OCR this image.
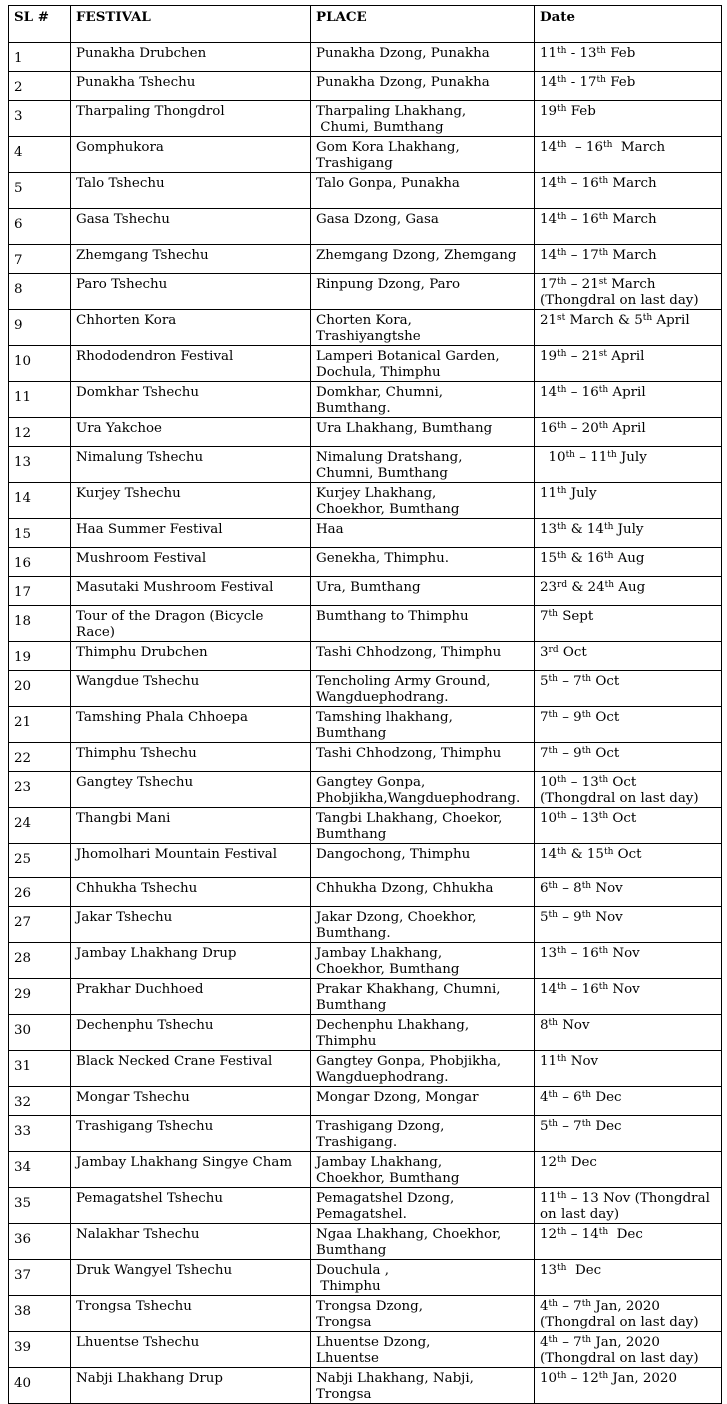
SL #	FESTIVAL	PLACE	Date
1	Punakha Drubchen	Punakha Dzong, Punakha	11th - 13th Feb
2	Punakha Tshechu	Punakha Dzong, Punakha	14th - 17th Feb
3	Tharpaling Thongdrol	Tharpaling Lhakhang,
Chumi, Bumthang	19th Feb
4	Gomphukora	Gom Kora Lhakhang,
Trashigang	14th  – 16th  March
5	Talo Tshechu	Talo Gonpa, Punakha	14th – 16th March
6	Gasa Tshechu	Gasa Dzong, Gasa	14th – 16th March
7	Zhemgang Tshechu	Zhemgang Dzong, Zhemgang	14th – 17th March
8	Paro Tshechu	Rinpung Dzong, Paro	17th – 21st March
(Thongdral on last day)
9	Chhorten Kora	Chorten Kora,
Trashiyangtshe	21st March & 5th April
10	Rhododendron Festival	Lamperi Botanical Garden,
Dochula, Thimphu	19th – 21st April
11	Domkhar Tshechu	Domkhar, Chumni,
Bumthang.	14th – 16th April
12	Ura Yakchoe	Ura Lhakhang, Bumthang	16th – 20th April
13	Nimalung Tshechu	Nimalung Dratshang,
Chumni, Bumthang	10th – 11th July
14	Kurjey Tshechu	Kurjey Lhakhang,
Choekhor, Bumthang	11th July
15	Haa Summer Festival	Haa	13th & 14th July
16	Mushroom Festival	Genekha, Thimphu.	15th & 16th Aug
17	Masutaki Mushroom Festival	Ura, Bumthang	23rd & 24th Aug
18	Tour of the Dragon (Bicycle
Race)	Bumthang to Thimphu	7th Sept
19	Thimphu Drubchen	Tashi Chhodzong, Thimphu	3rd Oct
20	Wangdue Tshechu	Tencholing Army Ground,
Wangduephodrang.	5th – 7th Oct
21	Tamshing Phala Chhoepa	Tamshing lhakhang,
Bumthang	7th – 9th Oct
22	Thimphu Tshechu	Tashi Chhodzong, Thimphu	7th – 9th Oct
23	Gangtey Tshechu	Gangtey Gonpa,
Phobjikha,Wangduephodrang.	10th – 13th Oct
(Thongdral on last day)
24	Thangbi Mani	Tangbi Lhakhang, Choekor,
Bumthang	10th – 13th Oct
25	Jhomolhari Mountain Festival	Dangochong, Thimphu	14th & 15th Oct
26	Chhukha Tshechu	Chhukha Dzong, Chhukha	6th – 8th Nov
27	Jakar Tshechu	Jakar Dzong, Choekhor,
Bumthang.	5th – 9th Nov
28	Jambay Lhakhang Drup	Jambay Lhakhang,
Choekhor, Bumthang	13th – 16th Nov
29	Prakhar Duchhoed	Prakar Khakhang, Chumni,
Bumthang	14th – 16th Nov
30	Dechenphu Tshechu	Dechenphu Lhakhang,
Thimphu	8th Nov
31	Black Necked Crane Festival	Gangtey Gonpa, Phobjikha,
Wangduephodrang.	11th Nov
32	Mongar Tshechu	Mongar Dzong, Mongar	4th – 6th Dec
33	Trashigang Tshechu	Trashigang Dzong,
Trashigang.	5th – 7th Dec
34	Jambay Lhakhang Singye Cham	Jambay Lhakhang,
Choekhor, Bumthang	12th Dec
35	Pemagatshel Tshechu	Pemagatshel Dzong,
Pemagatshel.	11th – 13 Nov (Thongdral
on last day)
36	Nalakhar Tshechu	Ngaa Lhakhang, Choekhor,
Bumthang	12th – 14th  Dec
37	Druk Wangyel Tshechu	Douchula ,
Thimphu	13th  Dec
38	Trongsa Tshechu	Trongsa Dzong,
Trongsa	4th – 7th Jan, 2020
(Thongdral on last day)
39	Lhuentse Tshechu	Lhuentse Dzong,
Lhuentse	4th – 7th Jan, 2020
(Thongdral on last day)
40	Nabji Lhakhang Drup	Nabji Lhakhang, Nabji,
Trongsa	10th – 12th Jan, 2020
